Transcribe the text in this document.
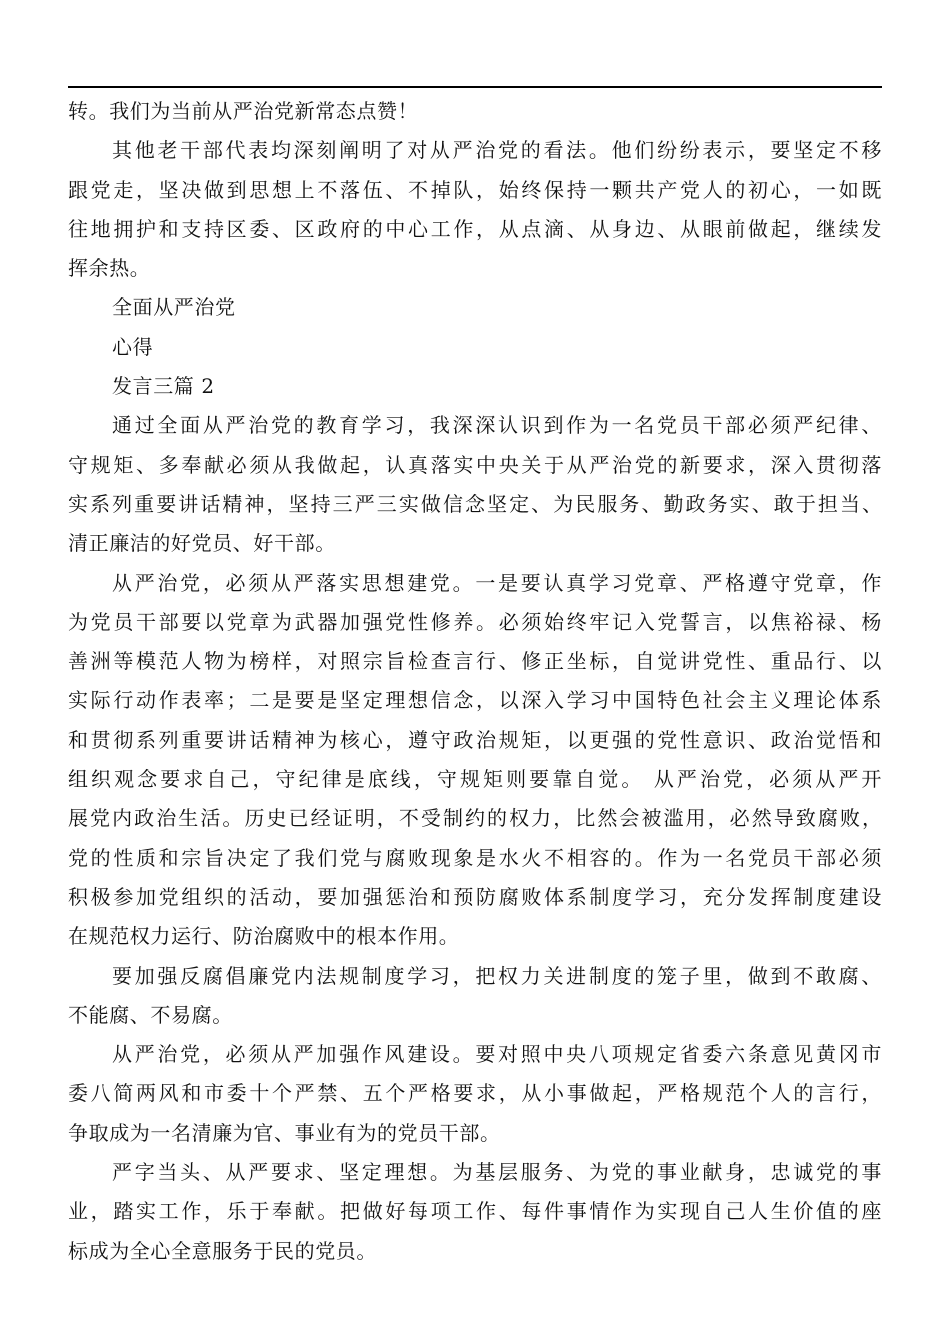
转。我们为当前从严治党新常态点赞！
其他老干部代表均深刻阐明了对从严治党的看法。他们纷纷表示，要坚定不移
跟党走，坚决做到思想上不落伍、不掉队，始终保持一颗共产党人的初心，一如既
往地拥护和支持区委、区政府的中心工作，从点滴、从身边、从眼前做起，继续发
挥余热。
全面从严治党
心得
发言三篇 2
通过全面从严治党的教育学习，我深深认识到作为一名党员干部必须严纪律、
守规矩、多奉献必须从我做起，认真落实中央关于从严治党的新要求，深入贯彻落
实系列重要讲话精神，坚持三严三实做信念坚定、为民服务、勤政务实、敢于担当、
清正廉洁的好党员、好干部。
从严治党，必须从严落实思想建党。一是要认真学习党章、严格遵守党章，作
为党员干部要以党章为武器加强党性修养。必须始终牢记入党誓言，以焦裕禄、杨
善洲等模范人物为榜样，对照宗旨检查言行、修正坐标，自觉讲党性、重品行、以
实际行动作表率；二是要是坚定理想信念，以深入学习中国特色社会主义理论体系
和贯彻系列重要讲话精神为核心，遵守政治规矩，以更强的党性意识、政治觉悟和
组织观念要求自己，守纪律是底线，守规矩则要靠自觉。 从严治党，必须从严开
展党内政治生活。历史已经证明，不受制约的权力，比然会被滥用，必然导致腐败，
党的性质和宗旨决定了我们党与腐败现象是水火不相容的。作为一名党员干部必须
积极参加党组织的活动，要加强惩治和预防腐败体系制度学习，充分发挥制度建设
在规范权力运行、防治腐败中的根本作用。
要加强反腐倡廉党内法规制度学习，把权力关进制度的笼子里，做到不敢腐、
不能腐、不易腐。
从严治党，必须从严加强作风建设。要对照中央八项规定省委六条意见黄冈市
委八简两风和市委十个严禁、五个严格要求，从小事做起，严格规范个人的言行，
争取成为一名清廉为官、事业有为的党员干部。
严字当头、从严要求、坚定理想。为基层服务、为党的事业献身，忠诚党的事
业，踏实工作，乐于奉献。把做好每项工作、每件事情作为实现自己人生价值的座
标成为全心全意服务于民的党员。
